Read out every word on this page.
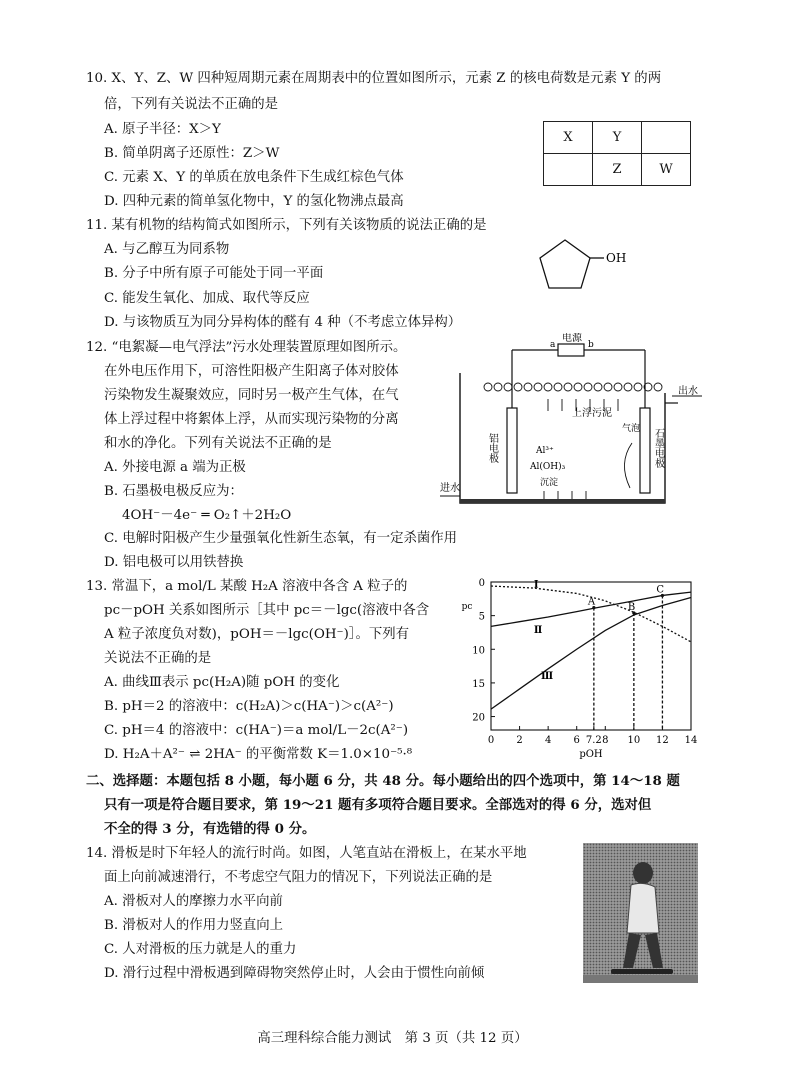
10. X、Y、Z、W 四种短周期元素在周期表中的位置如图所示，元素 Z 的核电荷数是元素 Y 的两
倍，下列有关说法不正确的是
A. 原子半径：X＞Y
B. 简单阴离子还原性：Z＞W
C. 元素 X、Y 的单质在放电条件下生成红棕色气体
D. 四种元素的简单氢化物中，Y 的氢化物沸点最高
X	Y	
	Z	W
11. 某有机物的结构简式如图所示，下列有关该物质的说法正确的是
A. 与乙醇互为同系物
B. 分子中所有原子可能处于同一平面
C. 能发生氧化、加成、取代等反应
D. 与该物质互为同分异构体的醛有 4 种（不考虑立体异构）
OH
12. “电絮凝—电气浮法”污水处理装置原理如图所示。
在外电压作用下，可溶性阳极产生阳离子体对胶体
污染物发生凝聚效应，同时另一极产生气体，在气
体上浮过程中将絮体上浮，从而实现污染物的分离
和水的净化。下列有关说法不正确的是
A. 外接电源 a 端为正极
B. 石墨极电极反应为：
4OH⁻－4e⁻ ═ O₂↑＋2H₂O
C. 电解时阳极产生少量强氧化性新生态氧，有一定杀菌作用
D. 铝电极可以用铁替换
电源
a	b
出水
铝电极	石墨电极
上浮污泥
气泡
Al³⁺
Al(OH)₃
沉淀
进水
13. 常温下，a mol/L 某酸 H₂A 溶液中各含 A 粒子的
pc－pOH 关系如图所示［其中 pc＝－lgc(溶液中各含
A 粒子浓度负对数)，pOH＝－lgc(OH⁻)］。下列有
关说法不正确的是
A. 曲线Ⅲ表示 pc(H₂A)随 pOH 的变化
B. pH＝2 的溶液中：c(H₂A)＞c(HA⁻)＞c(A²⁻)
C. pH＝4 的溶液中：c(HA⁻)＝a mol/L－2c(A²⁻)
D. H₂A＋A²⁻ ⇌ 2HA⁻ 的平衡常数 K＝1.0×10⁻⁵·⁸
0 2 4 6 7.2 8 10 12 14
0
5
10
15
20
pOH
pc
Ⅰ
Ⅱ
Ⅲ
A	B
C
二、选择题：本题包括 8 小题，每小题 6 分，共 48 分。每小题给出的四个选项中，第 14～18 题
只有一项是符合题目要求，第 19～21 题有多项符合题目要求。全部选对的得 6 分，选对但
不全的得 3 分，有选错的得 0 分。
14. 滑板是时下年轻人的流行时尚。如图，人笔直站在滑板上，在某水平地
面上向前减速滑行，不考虑空气阻力的情况下，下列说法正确的是
A. 滑板对人的摩擦力水平向前
B. 滑板对人的作用力竖直向上
C. 人对滑板的压力就是人的重力
D. 滑行过程中滑板遇到障碍物突然停止时，人会由于惯性向前倾
高三理科综合能力测试　第 3 页（共 12 页）
